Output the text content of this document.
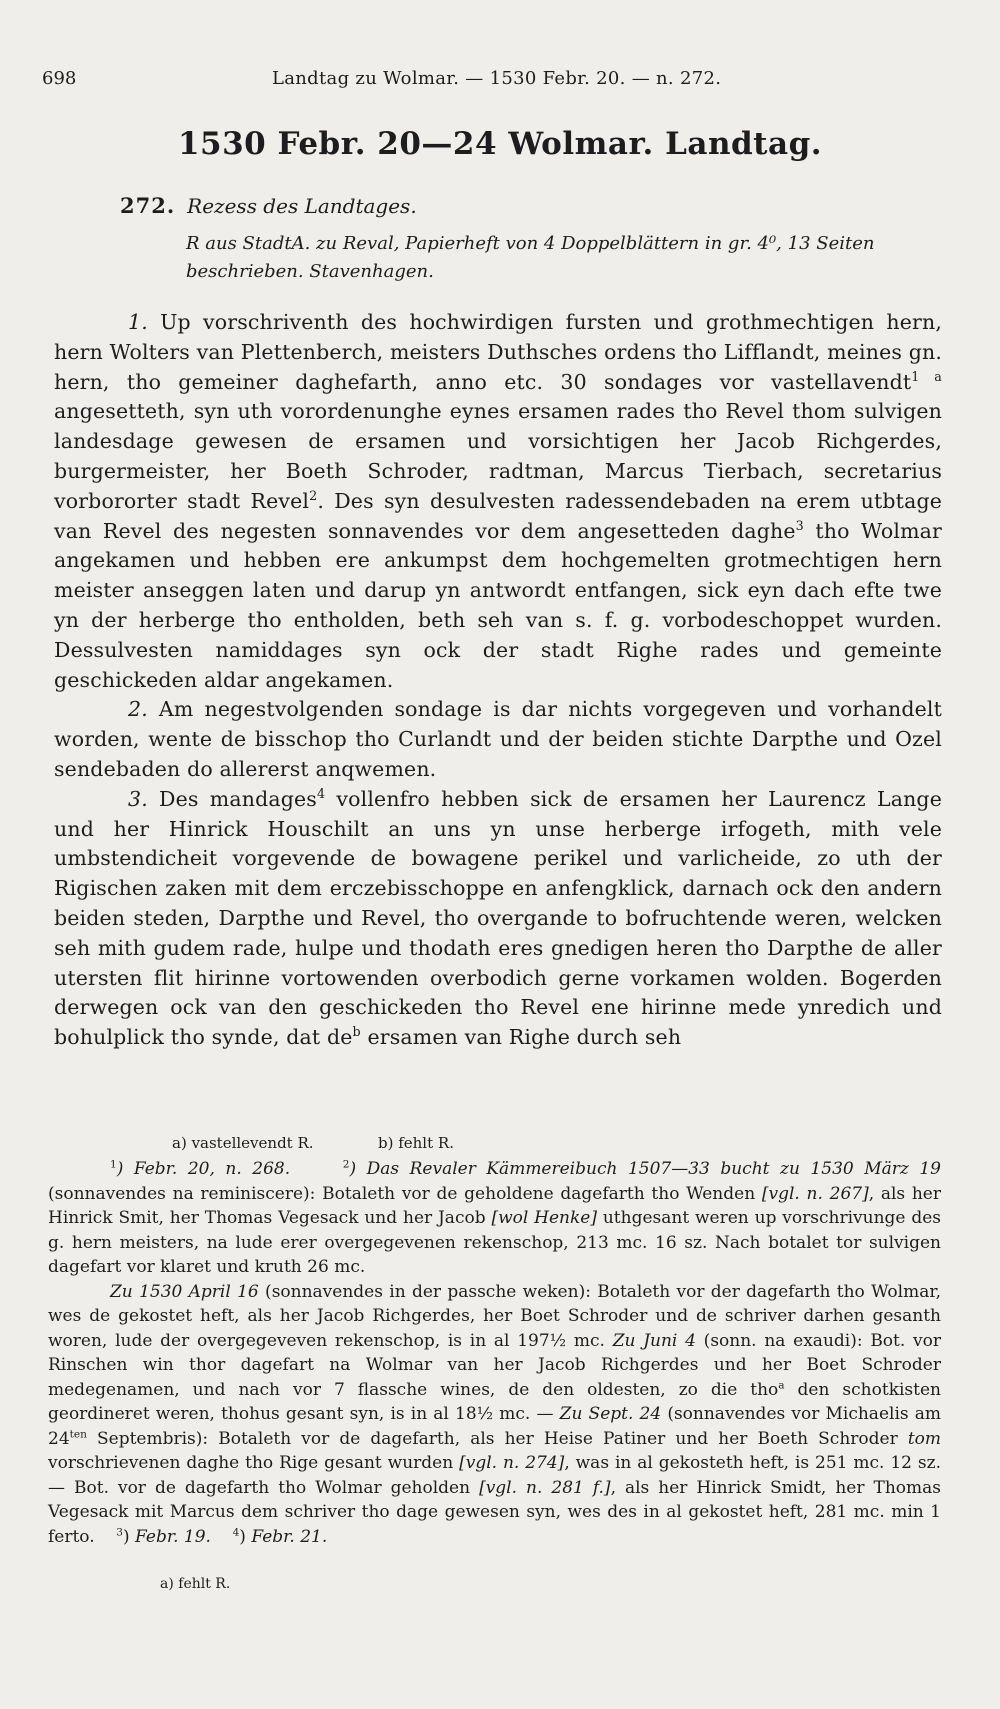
698	Landtag zu Wolmar. — 1530 Febr. 20. — n. 272.
1530 Febr. 20—24 Wolmar. Landtag.
272. Rezess des Landtages.
R aus StadtA. zu Reval, Papierheft von 4 Doppelblättern in gr. 4⁰, 13 Seiten
beschrieben. Stavenhagen.

1. Up vorschriventh des hochwirdigen fursten und grothmechtigen hern, hern Wolters van Plettenberch, meisters Duthsches ordens tho Lifflandt, meines gn. hern, tho gemeiner daghefarth, anno etc. 30 sondages vor vastellavendt$^{1 a}$ angesetteth, syn uth vorordenunghe eynes ersamen rades tho Revel thom sulvigen landesdage gewesen de ersamen und vorsichtigen her Jacob Richgerdes, burgermeister, her Boeth Schroder, radtman, Marcus Tierbach, secretarius vorbororter stadt Revel$^2$. Des syn desulvesten radessendebaden na erem utbtage van Revel des negesten sonnavendes vor dem angesetteden daghe$^3$ tho Wolmar angekamen und hebben ere ankumpst dem hochgemelten grotmechtigen hern meister anseggen laten und darup yn antwordt entfangen, sick eyn dach efte twe yn der herberge tho entholden, beth seh van s. f. g. vorbodeschoppet wurden. Dessulvesten namiddages syn ock der stadt Righe rades und gemeinte geschickeden aldar angekamen.

2. Am negestvolgenden sondage is dar nichts vorgegeven und vorhandelt worden, wente de bisschop tho Curlandt und der beiden stichte Darpthe und Ozel sendebaden do allererst anqwemen.

3. Des mandages$^4$ vollenfro hebben sick de ersamen her Laurencz Lange und her Hinrick Houschilt an uns yn unse herberge irfogeth, mith vele umbstendicheit vorgevende de bowagene perikel und varlicheide, zo uth der Rigischen zaken mit dem erczebisschoppe en anfengklick, darnach ock den andern beiden steden, Darpthe und Revel, tho overgande to bofruchtende weren, welcken seh mith gudem rade, hulpe und thodath eres gnedigen heren tho Darpthe de aller utersten flit hirinne vortowenden overbodich gerne vorkamen wolden. Bogerden derwegen ock van den geschickeden tho Revel ene hirinne mede ynredich und bohulplick tho synde, dat $de^b$ ersamen van Righe durch seh

a) vastellevendt R.	b) fehlt R.

$^1$) Febr. 20, n. 268.	$^2$) Das Revaler Kämmereibuch 1507—33 bucht zu 1530 März 19 (sonnavendes na reminiscere): Botaleth vor de geholdene dagefarth tho Wenden [vgl. n. 267], als her Hinrick Smit, her Thomas Vegesack und her Jacob [wol Henke] uthgesant weren up vorschrivunge des g. hern meisters, na lude erer overgegevenen rekenschop, 213 mc. 16 sz. Nach botalet tor sulvigen dagefart vor klaret und kruth 26 mc.

Zu 1530 April 16 (sonnavendes in der passche weken): Botaleth vor der dagefarth tho Wolmar, wes de gekostet heft, als her Jacob Richgerdes, her Boet Schroder und de schriver darhen gesanth woren, lude der overgegeveven rekenschop, is in al 197½ mc. Zu Juni 4 (sonn. na exaudi): Bot. vor Rinschen win thor dagefart na Wolmar van her Jacob Richgerdes und her Boet Schroder medegenamen, und nach vor 7 flassche wines, de den oldesten, zo die tho$^a$ den schotkisten geordineret weren, thohus gesant syn, is in al 18½ mc. — Zu Sept. 24 (sonnavendes vor Michaelis am $24^{ten}$ Septembris): Botaleth vor de dagefarth, als her Heise Patiner und her Boeth Schroder tom vorschrievenen daghe tho Rige gesant wurden [vgl. n. 274], was in al gekosteth heft, is 251 mc. 12 sz. — Bot. vor de dagefarth tho Wolmar geholden [vgl. n. 281 f.], als her Hinrick Smidt, her Thomas Vegesack mit Marcus dem schriver tho dage gewesen syn, wes des in al gekostet heft, 281 mc. min 1 ferto.    $^3$) Febr. 19. $^4$) Febr. 21.

a) fehlt R.
